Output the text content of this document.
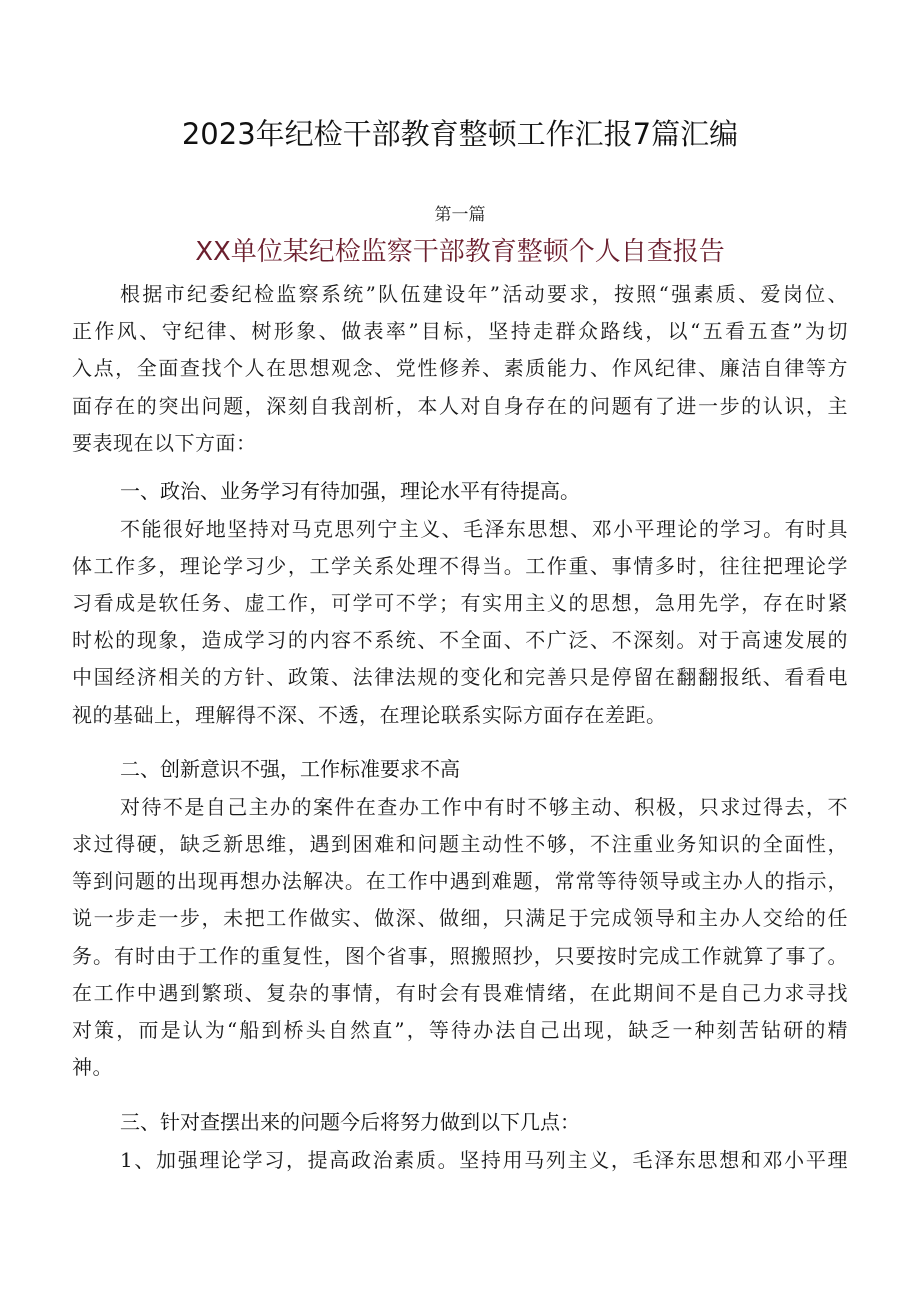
2023年纪检干部教育整顿工作汇报7篇汇编
第一篇
XX单位某纪检监察干部教育整顿个人自查报告
根据市纪委纪检监察系统”队伍建设年”活动要求，按照“强素质、爱岗位、
正作风、守纪律、树形象、做表率”目标，坚持走群众路线，以“五看五查”为切
入点，全面查找个人在思想观念、党性修养、素质能力、作风纪律、廉洁自律等方
面存在的突出问题，深刻自我剖析，本人对自身存在的问题有了进一步的认识，主
要表现在以下方面：
一、政治、业务学习有待加强，理论水平有待提高。
不能很好地坚持对马克思列宁主义、毛泽东思想、邓小平理论的学习。有时具
体工作多，理论学习少，工学关系处理不得当。工作重、事情多时，往往把理论学
习看成是软任务、虚工作，可学可不学；有实用主义的思想，急用先学，存在时紧
时松的现象，造成学习的内容不系统、不全面、不广泛、不深刻。对于高速发展的
中国经济相关的方针、政策、法律法规的变化和完善只是停留在翻翻报纸、看看电
视的基础上，理解得不深、不透，在理论联系实际方面存在差距。
二、创新意识不强，工作标准要求不高
对待不是自己主办的案件在查办工作中有时不够主动、积极，只求过得去，不
求过得硬，缺乏新思维，遇到困难和问题主动性不够，不注重业务知识的全面性，
等到问题的出现再想办法解决。在工作中遇到难题，常常等待领导或主办人的指示，
说一步走一步，未把工作做实、做深、做细，只满足于完成领导和主办人交给的任
务。有时由于工作的重复性，图个省事，照搬照抄，只要按时完成工作就算了事了。
在工作中遇到繁琐、复杂的事情，有时会有畏难情绪，在此期间不是自己力求寻找
对策，而是认为“船到桥头自然直”，等待办法自己出现，缺乏一种刻苦钻研的精
神。
三、针对查摆出来的问题今后将努力做到以下几点：
1、加强理论学习，提高政治素质。坚持用马列主义，毛泽东思想和邓小平理
